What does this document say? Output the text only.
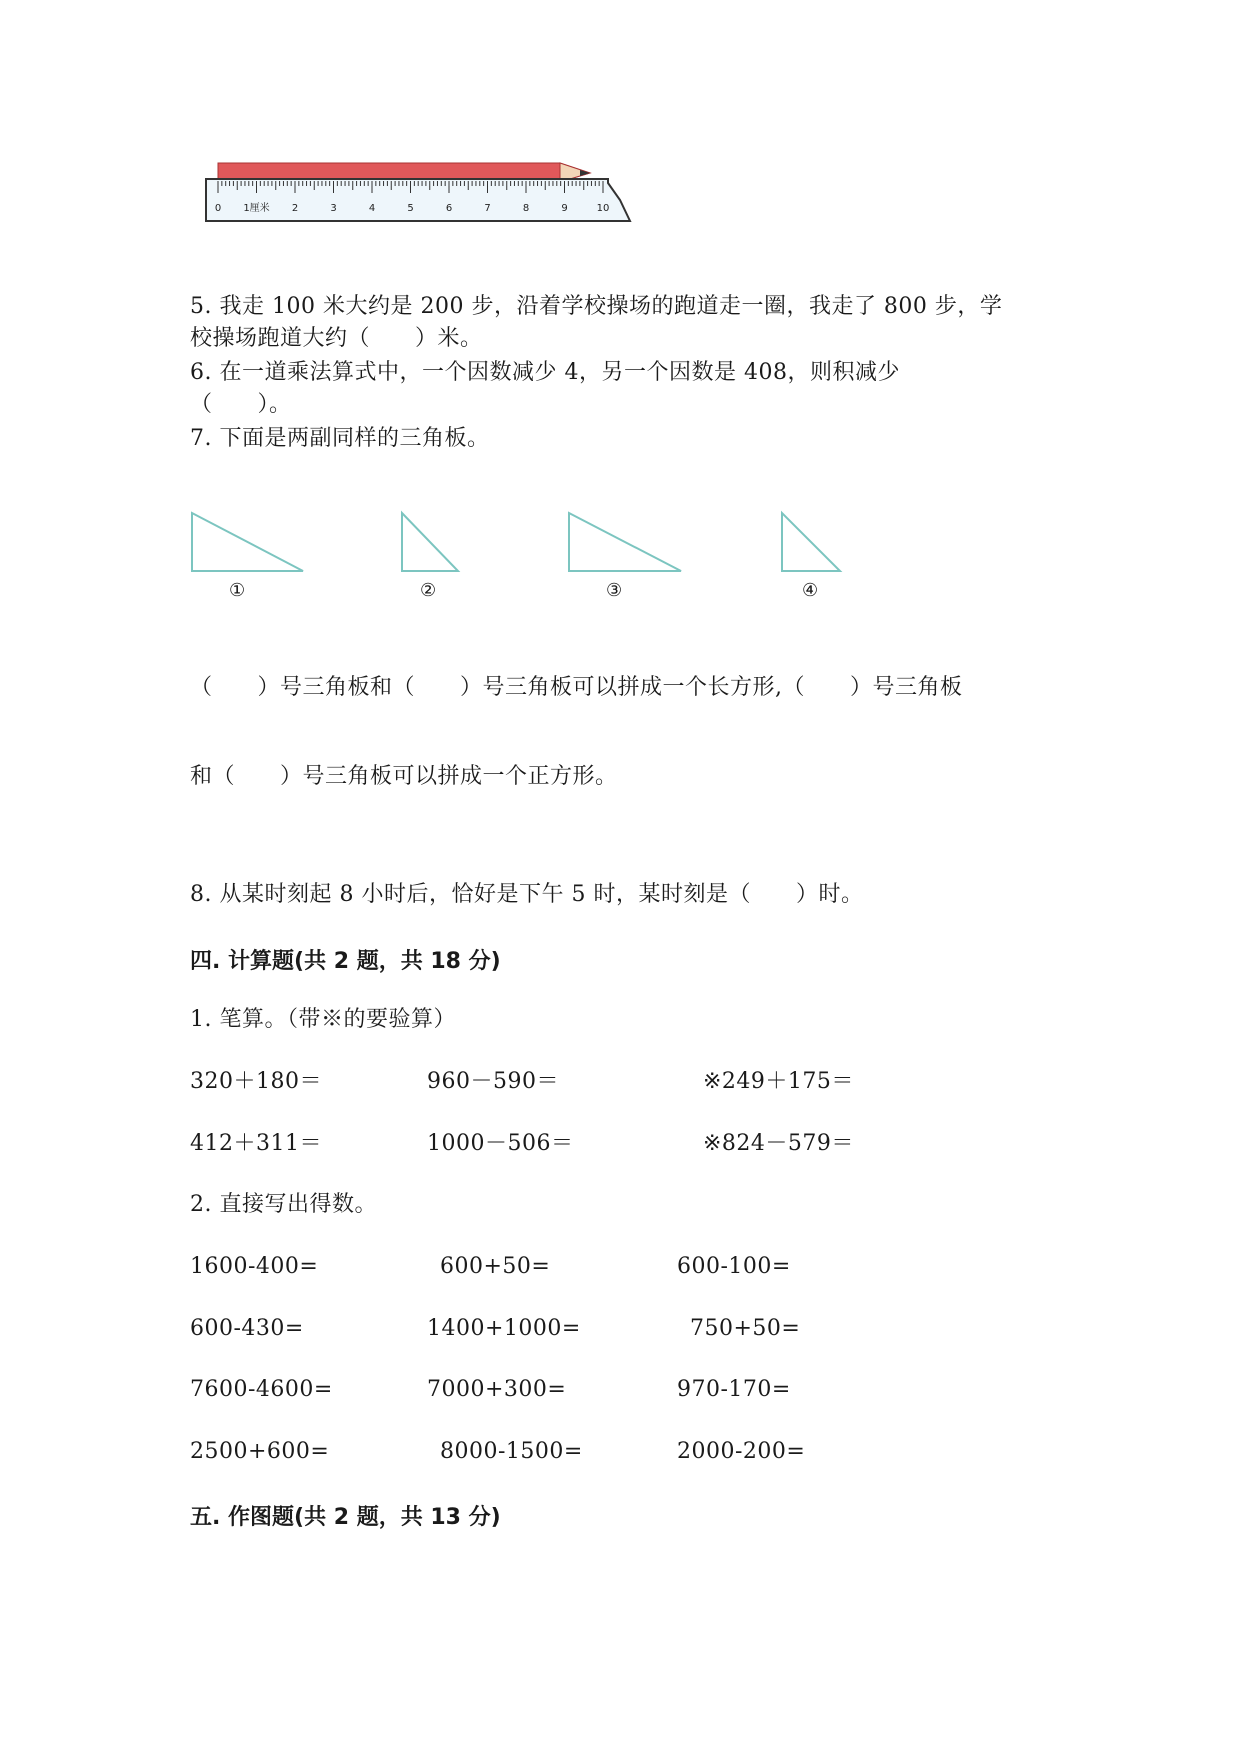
0 1厘米 2	3	4	5	6	7	8	9	10
5. 我走 100 米大约是 200 步，沿着学校操场的跑道走一圈，我走了 800 步，学
校操场跑道大约（　　）米。
6. 在一道乘法算式中，一个因数减少 4，另一个因数是 408，则积减少
（　　）。
7. 下面是两副同样的三角板。
①	②	③	④
（　　）号三角板和（　　）号三角板可以拼成一个长方形,（　　）号三角板
和（　　）号三角板可以拼成一个正方形。
8. 从某时刻起 8 小时后，恰好是下午 5 时，某时刻是（　　）时。
四. 计算题(共 2 题，共 18 分)
1. 笔算。（带※的要验算）
320＋180＝	960－590＝	※249＋175＝
412＋311＝	1000－506＝	※824－579＝
2. 直接写出得数。
1600-400=	600+50=	600-100=
600-430=	1400+1000=	750+50=
7600-4600=	7000+300=	970-170=
2500+600=	8000-1500=	2000-200=
五. 作图题(共 2 题，共 13 分)
